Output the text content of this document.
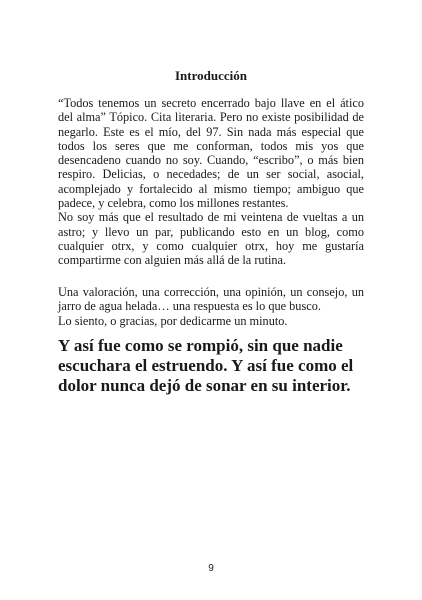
Introducción

“Todos tenemos un secreto encerrado bajo llave en el ático del alma” Tópico. Cita literaria. Pero no existe posibilidad de negarlo. Este es el mío, del 97. Sin nada más especial que todos los seres que me conforman, todos mis yos que desencadeno cuando no soy. Cuando, “escribo”, o más bien respiro. Delicias, o necedades; de un ser social, asocial, acomplejado y fortalecido al mismo tiempo; ambiguo que padece, y celebra, como los millones restantes.

No soy más que el resultado de mi veintena de vueltas a un astro; y llevo un par, publicando esto en un blog, como cualquier otrx, y como cualquier otrx, hoy me gustaría compartirme con alguien más allá de la rutina.

Una valoración, una corrección, una opinión, un consejo, un jarro de agua helada… una respuesta es lo que busco.

Lo siento, o gracias, por dedicarme un minuto.

Y así fue como se rompió, sin que nadie escuchara el estruendo. Y así fue como el dolor nunca dejó de sonar en su interior.
9
